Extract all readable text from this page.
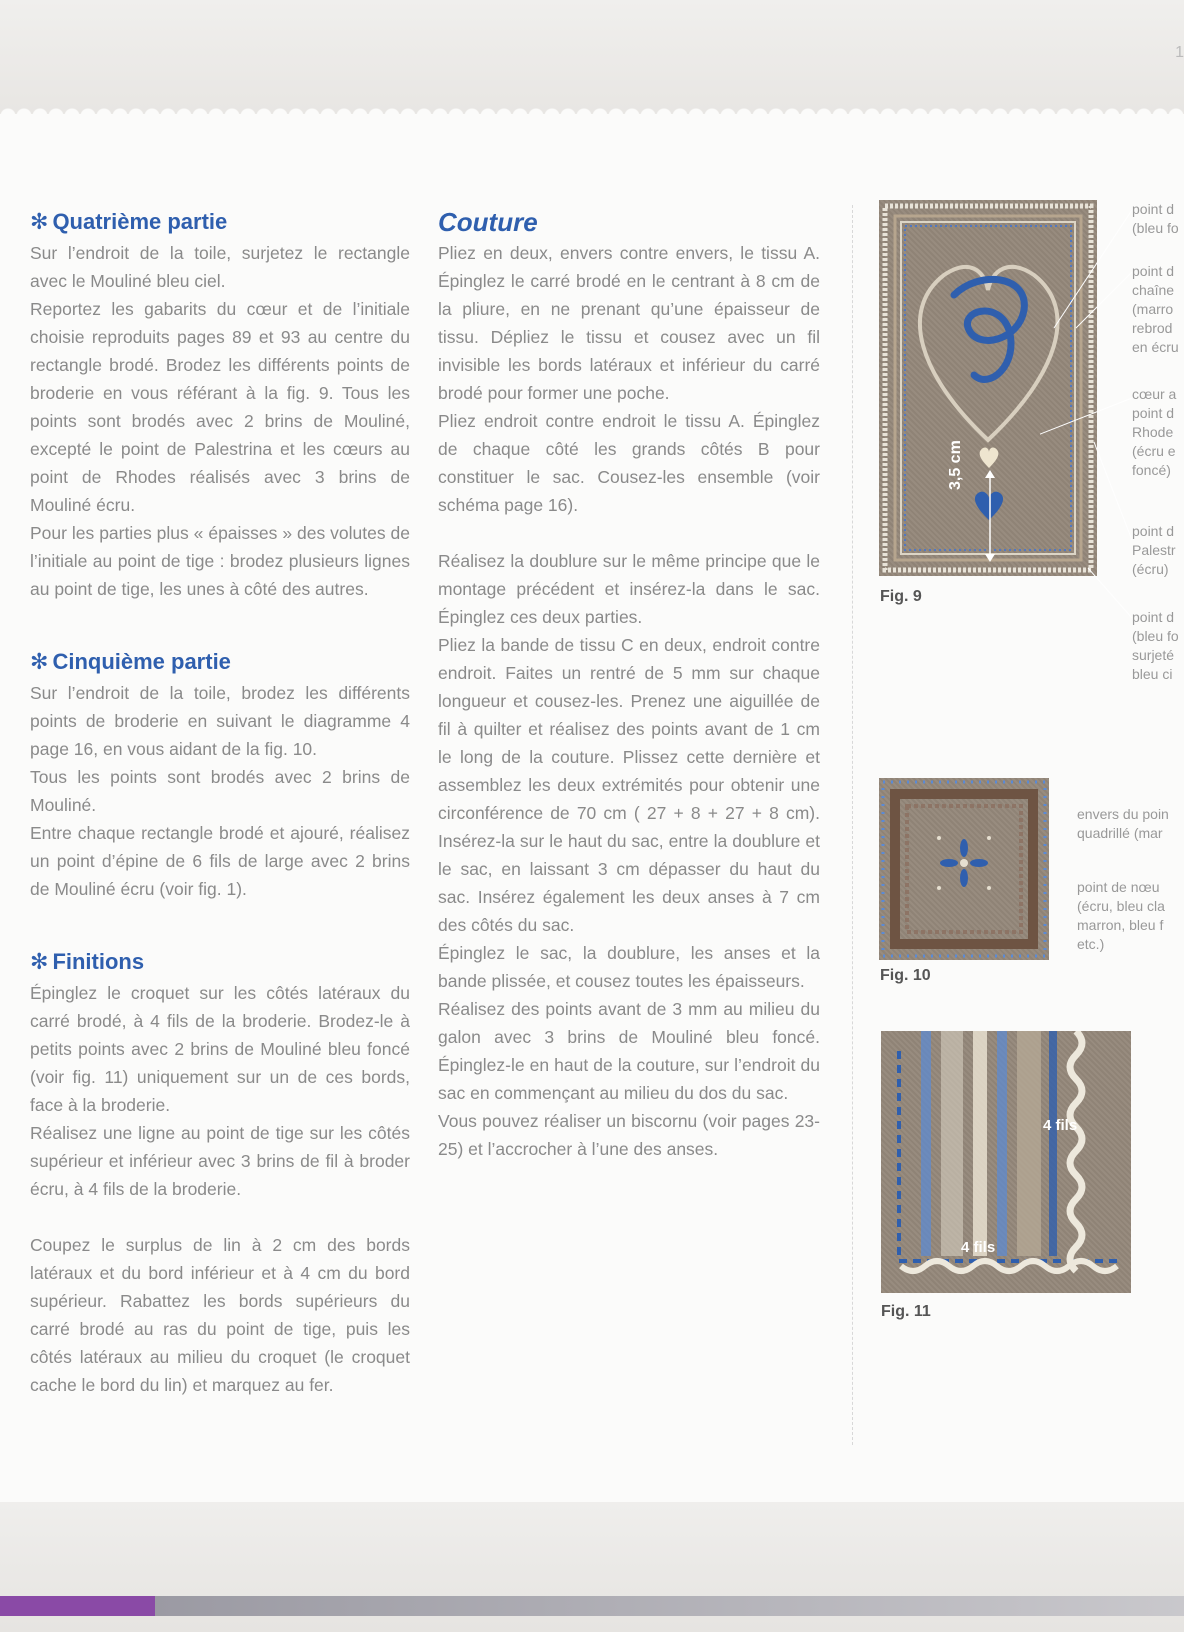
1
✻ Quatrième partie

Sur l’endroit de la toile, surjetez le rectangle avec le Mouliné bleu ciel.

Reportez les gabarits du cœur et de l’initiale choisie reproduits pages 89 et 93 au centre du rectangle brodé. Brodez les différents points de broderie en vous référant à la fig. 9. Tous les points sont brodés avec 2 brins de Mouliné, excepté le point de Palestrina et les cœurs au point de Rhodes réalisés avec 3 brins de Mouliné écru.

Pour les parties plus « épaisses » des volutes de l’initiale au point de tige : brodez plusieurs lignes au point de tige, les unes à côté des autres.

✻ Cinquième partie

Sur l’endroit de la toile, brodez les différents points de broderie en suivant le diagramme 4 page 16, en vous aidant de la fig. 10.

Tous les points sont brodés avec 2 brins de Mouliné.

Entre chaque rectangle brodé et ajouré, réalisez un point d’épine de 6 fils de large avec 2 brins de Mouliné écru (voir fig. 1).

✻ Finitions

Épinglez le croquet sur les côtés latéraux du carré brodé, à 4 fils de la broderie. Brodez-le à petits points avec 2 brins de Mouliné bleu foncé (voir fig. 11) uniquement sur un de ces bords, face à la broderie.

Réalisez une ligne au point de tige sur les côtés supérieur et inférieur avec 3 brins de fil à broder écru, à 4 fils de la broderie.

Coupez le surplus de lin à 2 cm des bords latéraux et du bord inférieur et à 4 cm du bord supérieur. Rabattez les bords supérieurs du carré brodé au ras du point de tige, puis les côtés latéraux au milieu du croquet (le croquet cache le bord du lin) et marquez au fer.

Couture

Pliez en deux, envers contre envers, le tissu A. Épinglez le carré brodé en le centrant à 8 cm de la pliure, en ne prenant qu’une épaisseur de tissu. Dépliez le tissu et cousez avec un fil invisible les bords latéraux et inférieur du carré brodé pour former une poche.

Pliez endroit contre endroit le tissu A. Épinglez de chaque côté les grands côtés B pour constituer le sac. Cousez-les ensemble (voir schéma page 16).

Réalisez la doublure sur le même principe que le montage précédent et insérez-la dans le sac. Épinglez ces deux parties.

Pliez la bande de tissu C en deux, endroit contre endroit. Faites un rentré de 5 mm sur chaque longueur et cousez-les. Prenez une aiguillée de fil à quilter et réalisez des points avant de 1 cm le long de la couture. Plissez cette dernière et assemblez les deux extrémités pour obtenir une circonférence de 70 cm ( 27 + 8 + 27 + 8 cm). Insérez-la sur le haut du sac, entre la doublure et le sac, en laissant 3 cm dépasser du haut du sac. Insérez également les deux anses à 7 cm des côtés du sac.

Épinglez le sac, la doublure, les anses et la bande plissée, et cousez toutes les épaisseurs.

Réalisez des points avant de 3 mm au milieu du galon avec 3 brins de Mouliné bleu foncé. Épinglez-le en haut de la couture, sur l’endroit du sac en commençant au milieu du dos du sac.

Vous pouvez réaliser un biscornu (voir pages 23-25) et l’accrocher à l’une des anses.

3,5 cm
Fig. 9
point d
(bleu fo
point d
chaîne
(marro
rebrod
en écru
cœur a
point d
Rhode
(écru e
foncé)
point d
Palestr
(écru)
point d
(bleu fo
surjeté
bleu ci
Fig. 10
envers du poin
quadrillé (mar
point de nœu
(écru, bleu cla
marron, bleu f
etc.)
4 fils
4 fils
Fig. 11
